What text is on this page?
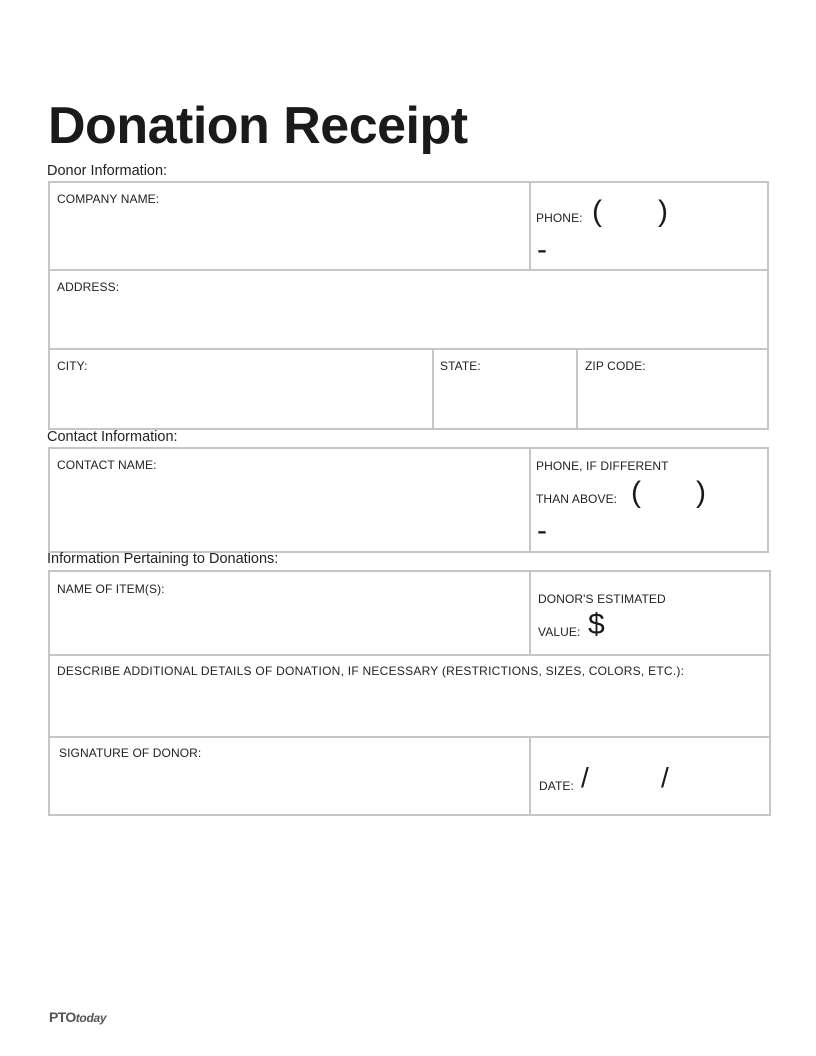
Donation Receipt
Donor Information:
COMPANY NAME:
PHONE: ( )
-
ADDRESS:
CITY:	STATE:	ZIP CODE:
Contact Information:
CONTACT NAME:	PHONE, IF DIFFERENT
THAN ABOVE: ( )
-
Information Pertaining to Donations:
NAME OF ITEM(S):
DONOR'S ESTIMATED
VALUE: $
DESCRIBE ADDITIONAL DETAILS OF DONATION, IF NECESSARY (RESTRICTIONS, SIZES, COLORS, ETC.):
SIGNATURE OF DONOR:
DATE: /	/
PTOtoday
